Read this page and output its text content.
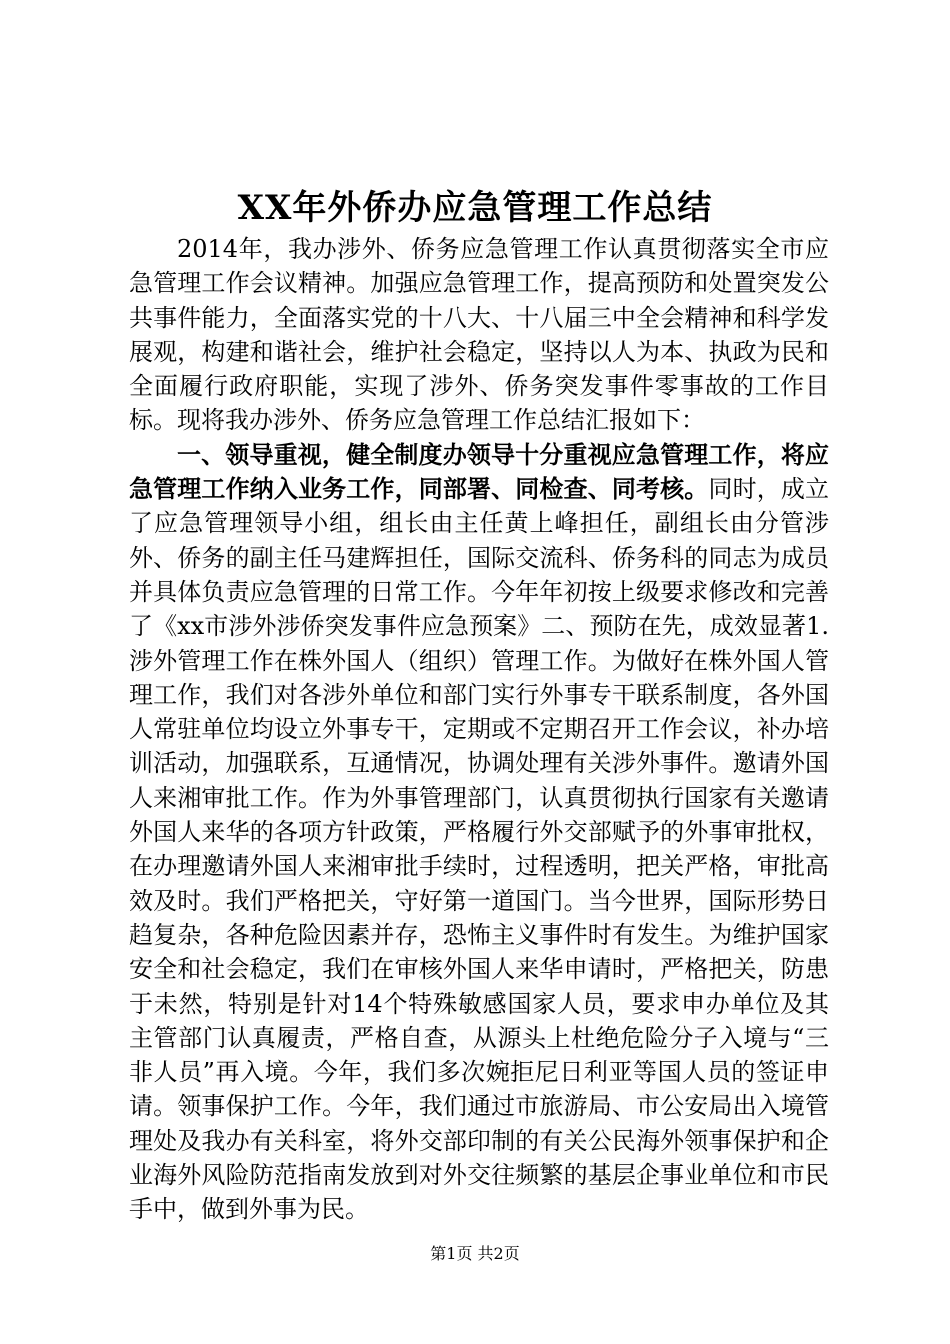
XX年外侨办应急管理工作总结

2014年，我办涉外、侨务应急管理工作认真贯彻落实全市应急管理工作会议精神。加强应急管理工作，提高预防和处置突发公共事件能力，全面落实党的十八大、十八届三中全会精神和科学发展观，构建和谐社会，维护社会稳定，坚持以人为本、执政为民和全面履行政府职能，实现了涉外、侨务突发事件零事故的工作目标。现将我办涉外、侨务应急管理工作总结汇报如下：

一、领导重视，健全制度办领导十分重视应急管理工作，将应急管理工作纳入业务工作，同部署、同检查、同考核。同时，成立了应急管理领导小组，组长由主任黄上峰担任，副组长由分管涉外、侨务的副主任马建辉担任，国际交流科、侨务科的同志为成员并具体负责应急管理的日常工作。今年年初按上级要求修改和完善了《xx市涉外涉侨突发事件应急预案》二、预防在先，成效显著1.涉外管理工作在株外国人（组织）管理工作。为做好在株外国人管理工作，我们对各涉外单位和部门实行外事专干联系制度，各外国人常驻单位均设立外事专干，定期或不定期召开工作会议，补办培训活动，加强联系，互通情况，协调处理有关涉外事件。邀请外国人来湘审批工作。作为外事管理部门，认真贯彻执行国家有关邀请外国人来华的各项方针政策，严格履行外交部赋予的外事审批权，在办理邀请外国人来湘审批手续时，过程透明，把关严格，审批高效及时。我们严格把关，守好第一道国门。当今世界，国际形势日趋复杂，各种危险因素并存，恐怖主义事件时有发生。为维护国家安全和社会稳定，我们在审核外国人来华申请时，严格把关，防患于未然，特别是针对14个特殊敏感国家人员，要求申办单位及其主管部门认真履责，严格自查，从源头上杜绝危险分子入境与“三非人员”再入境。今年，我们多次婉拒尼日利亚等国人员的签证申请。领事保护工作。今年，我们通过市旅游局、市公安局出入境管理处及我办有关科室，将外交部印制的有关公民海外领事保护和企业海外风险防范指南发放到对外交往频繁的基层企事业单位和市民手中，做到外事为民。

第1页 共2页
